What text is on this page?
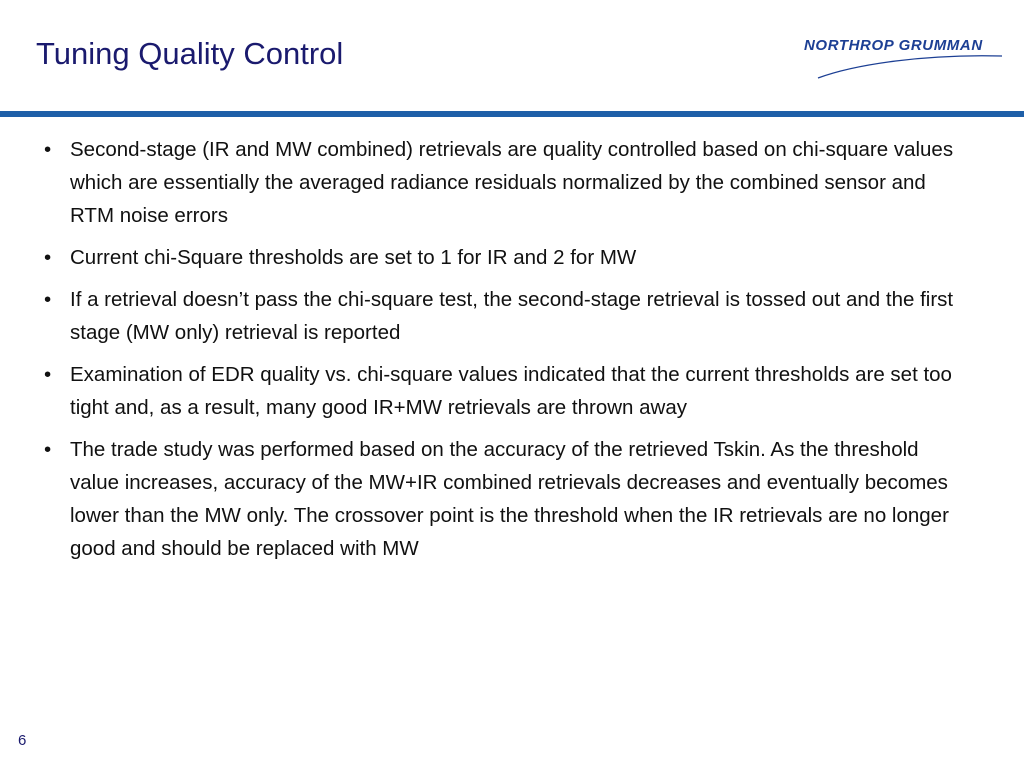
Tuning Quality Control	NORTHROP GRUMMAN
• Second-stage (IR and MW combined) retrievals are quality controlled based on chi-square values which are essentially the averaged radiance residuals normalized by the combined sensor and RTM noise errors
• Current chi-Square thresholds are set to 1 for IR and 2 for MW
• If a retrieval doesn’t pass the chi-square test, the second-stage retrieval is tossed out and the first stage (MW only) retrieval is reported
• Examination of EDR quality vs. chi-square values indicated that the current thresholds are set too tight and, as a result, many good IR+MW retrievals are thrown away
• The trade study was performed based on the accuracy of the retrieved Tskin. As the threshold value increases, accuracy of the MW+IR combined retrievals decreases and eventually becomes lower than the MW only. The crossover point is the threshold when the IR retrievals are no longer good and should be replaced with MW
6
